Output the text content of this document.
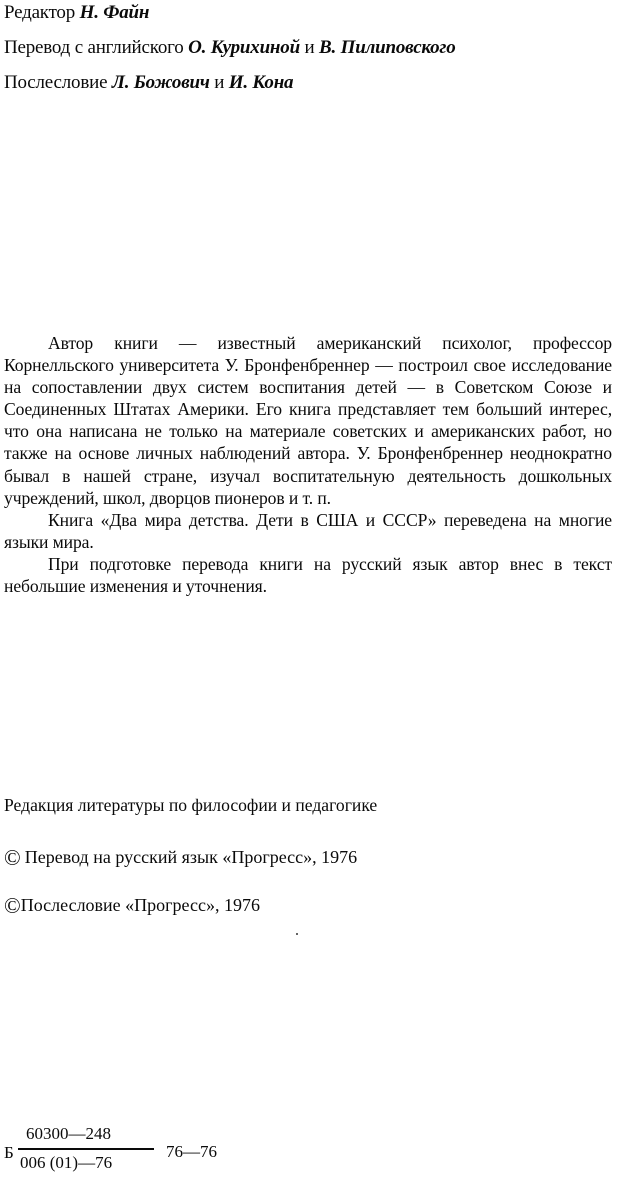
Редактор Н. Файн
Перевод с английского О. Курихиной и В. Пилиповского
Послесловие Л. Божович и И. Кона

Автор книги — известный американский психолог, профессор Корнелльского университета У. Бронфенбреннер — построил свое исследование на сопоставлении двух систем воспитания детей — в Советском Союзе и Соединенных Штатах Америки. Его книга представляет тем больший интерес, что она написана не только на материале советских и американских работ, но также на основе личных наблюдений автора. У. Бронфенбреннер неоднократно бывал в нашей стране, изучал воспитательную деятельность дошкольных учреждений, школ, дворцов пионеров и т. п.

Книга «Два мира детства. Дети в США и СССР» переведена на многие языки мира.

При подготовке перевода книги на русский язык автор внес в текст небольшие изменения и уточнения.

Редакция литературы по философии и педагогике
© Перевод на русский язык «Прогресс», 1976
©Послесловие «Прогресс», 1976
Б
60300—248
006 (01)—76
76—76
